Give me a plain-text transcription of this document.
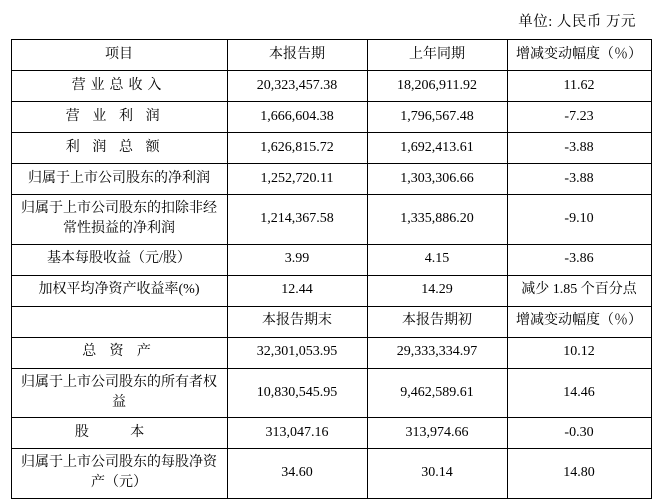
单位: 人民币 万元
项目	本报告期	上年同期	增减变动幅度（％）
营业总收入	20,323,457.38	18,206,911.92	11.62
营业利润	1,666,604.38	1,796,567.48	-7.23
利润总额	1,626,815.72	1,692,413.61	-3.88
归属于上市公司股东的净利润	1,252,720.11	1,303,306.66	-3.88
归属于上市公司股东的扣除非经常性损益的净利润	1,214,367.58	1,335,886.20	-9.10
基本每股收益（元/股）	3.99	4.15	-3.86
加权平均净资产收益率(%)	12.44	14.29	减少 1.85 个百分点
	本报告期末	本报告期初	增减变动幅度（％）
总 资 产	32,301,053.95	29,333,334.97	10.12
归属于上市公司股东的所有者权益	10,830,545.95	9,462,589.61	14.46
股 本	313,047.16	313,974.66	-0.30
归属于上市公司股东的每股净资产（元）	34.60	30.14	14.80
